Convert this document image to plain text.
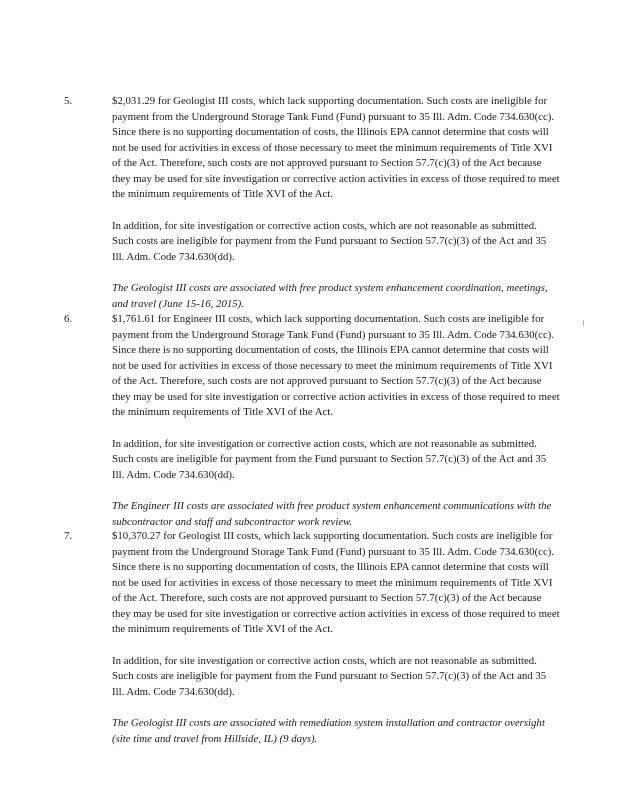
5.	$2,031.29 for Geologist III costs, which lack supporting documentation. Such costs are ineligible for payment from the Underground Storage Tank Fund (Fund) pursuant to 35 Ill. Adm. Code 734.630(cc). Since there is no supporting documentation of costs, the Illinois EPA cannot determine that costs will not be used for activities in excess of those necessary to meet the minimum requirements of Title XVI of the Act. Therefore, such costs are not approved pursuant to Section 57.7(c)(3) of the Act because they may be used for site investigation or corrective action activities in excess of those required to meet the minimum requirements of Title XVI of the Act.

In addition, for site investigation or corrective action costs, which are not reasonable as submitted. Such costs are ineligible for payment from the Fund pursuant to Section 57.7(c)(3) of the Act and 35 Ill. Adm. Code 734.630(dd).

The Geologist III costs are associated with free product system enhancement coordination, meetings, and travel (June 15-16, 2015).

6.	$1,761.61 for Engineer III costs, which lack supporting documentation. Such costs are ineligible for payment from the Underground Storage Tank Fund (Fund) pursuant to 35 Ill. Adm. Code 734.630(cc). Since there is no supporting documentation of costs, the Illinois EPA cannot determine that costs will not be used for activities in excess of those necessary to meet the minimum requirements of Title XVI of the Act. Therefore, such costs are not approved pursuant to Section 57.7(c)(3) of the Act because they may be used for site investigation or corrective action activities in excess of those required to meet the minimum requirements of Title XVI of the Act.

In addition, for site investigation or corrective action costs, which are not reasonable as submitted. Such costs are ineligible for payment from the Fund pursuant to Section 57.7(c)(3) of the Act and 35 Ill. Adm. Code 734.630(dd).

The Engineer III costs are associated with free product system enhancement communications with the subcontractor and staff and subcontractor work review.

7.	$10,370.27 for Geologist III costs, which lack supporting documentation. Such costs are ineligible for payment from the Underground Storage Tank Fund (Fund) pursuant to 35 Ill. Adm. Code 734.630(cc). Since there is no supporting documentation of costs, the Illinois EPA cannot determine that costs will not be used for activities in excess of those necessary to meet the minimum requirements of Title XVI of the Act. Therefore, such costs are not approved pursuant to Section 57.7(c)(3) of the Act because they may be used for site investigation or corrective action activities in excess of those required to meet the minimum requirements of Title XVI of the Act.

In addition, for site investigation or corrective action costs, which are not reasonable as submitted. Such costs are ineligible for payment from the Fund pursuant to Section 57.7(c)(3) of the Act and 35 Ill. Adm. Code 734.630(dd).

The Geologist III costs are associated with remediation system installation and contractor oversight (site time and travel from Hillside, IL) (9 days).
